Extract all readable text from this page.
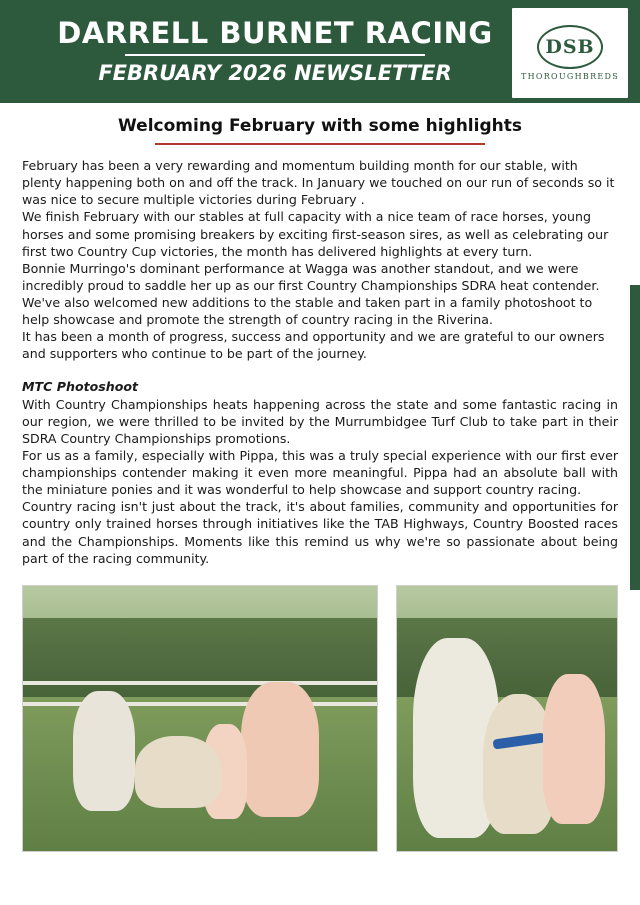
DARRELL BURNET RACING
FEBRUARY 2026 NEWSLETTER
DSB
THOROUGHBREDS
Welcoming February with some highlights

February has been a very rewarding and momentum building month for our stable, with plenty happening both on and off the track. In January we touched on our run of seconds so it was nice to secure multiple victories during February .

We finish February with our stables at full capacity with a nice team of race horses, young horses and some promising breakers by exciting first-season sires, as well as celebrating our first two Country Cup victories, the month has delivered highlights at every turn.

Bonnie Murringo's dominant performance at Wagga was another standout, and we were incredibly proud to saddle her up as our first Country Championships SDRA heat contender.

We've also welcomed new additions to the stable and taken part in a family photoshoot to help showcase and promote the strength of country racing in the Riverina.

It has been a month of progress, success and opportunity and we are grateful to our owners and supporters who continue to be part of the journey.

MTC Photoshoot

With Country Championships heats happening across the state and some fantastic racing in our region, we were thrilled to be invited by the Murrumbidgee Turf Club to take part in their SDRA Country Championships promotions.

For us as a family, especially with Pippa, this was a truly special experience with our first ever championships contender making it even more meaningful. Pippa had an absolute ball with the miniature ponies and it was wonderful to help showcase and support country racing.

Country racing isn't just about the track, it's about families, community and opportunities for country only trained horses through initiatives like the TAB Highways, Country Boosted races and the Championships. Moments like this remind us why we're so passionate about being part of the racing community.
